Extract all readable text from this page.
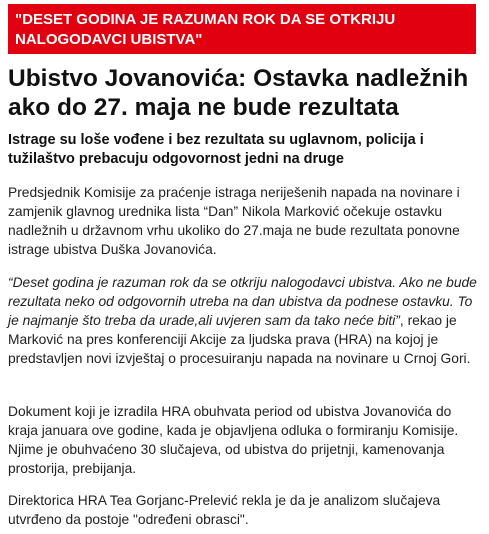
"DESET GODINA JE RAZUMAN ROK DA SE OTKRIJU NALOGODAVCI UBISTVA"
Ubistvo Jovanovića: Ostavka nadležnih ako do 27. maja ne bude rezultata

Istrage su loše vođene i bez rezultata su uglavnom, policija i tužilaštvo prebacuju odgovornost jedni na druge

Predsjednik Komisije za praćenje istraga neriješenih napada na novinare i zamjenik glavnog urednika lista “Dan” Nikola Marković očekuje ostavku nadležnih u državnom vrhu ukoliko do 27.maja ne bude rezultata ponovne istrage ubistva Duška Jovanovića.

“Deset godina je razuman rok da se otkriju nalogodavci ubistva. Ako ne bude rezultata neko od odgovornih utreba na dan ubistva da podnese ostavku. To je najmanje što treba da urade,ali uvjeren sam da tako neće biti”, rekao je Marković na pres konferenciji Akcije za ljudska prava (HRA) na kojoj je predstavljen novi izvještaj o procesuiranju napada na novinare u Crnoj Gori.

Dokument koji je izradila HRA obuhvata period od ubistva Jovanovića do kraja januara ove godine, kada je objavljena odluka o formiranju Komisije. Njime je obuhvaćeno 30 slučajeva, od ubistva do prijetnji, kamenovanja prostorija, prebijanja.

Direktorica HRA Tea Gorjanc-Prelević rekla je da je analizom slučajeva utvrđeno da postoje "određeni obrasci".
